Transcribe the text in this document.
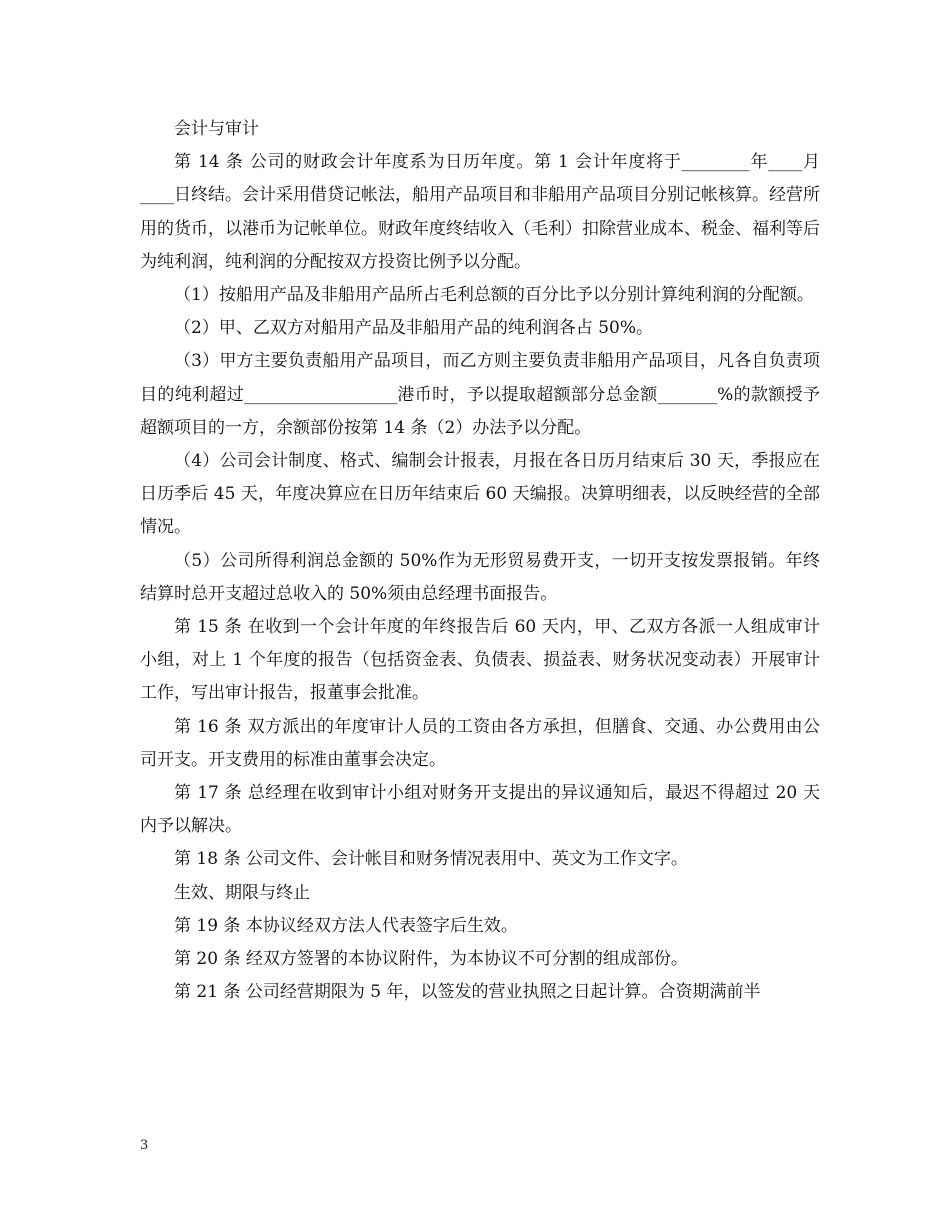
会计与审计

第 14 条 公司的财政会计年度系为日历年度。第 1 会计年度将于________年____月____日终结。会计采用借贷记帐法，船用产品项目和非船用产品项目分别记帐核算。经营所用的货币，以港币为记帐单位。财政年度终结收入（毛利）扣除营业成本、税金、福利等后为纯利润，纯利润的分配按双方投资比例予以分配。

（1）按船用产品及非船用产品所占毛利总额的百分比予以分别计算纯利润的分配额。

（2）甲、乙双方对船用产品及非船用产品的纯利润各占 50%。

（3）甲方主要负责船用产品项目，而乙方则主要负责非船用产品项目，凡各自负责项目的纯利超过__________________港币时，予以提取超额部分总金额_______%的款额授予超额项目的一方，余额部份按第 14 条（2）办法予以分配。

（4）公司会计制度、格式、编制会计报表，月报在各日历月结束后 30 天，季报应在日历季后 45 天，年度决算应在日历年结束后 60 天编报。决算明细表，以反映经营的全部情况。

（5）公司所得利润总金额的 50%作为无形贸易费开支，一切开支按发票报销。年终结算时总开支超过总收入的 50%须由总经理书面报告。

第 15 条 在收到一个会计年度的年终报告后 60 天内，甲、乙双方各派一人组成审计小组，对上 1 个年度的报告（包括资金表、负债表、损益表、财务状况变动表）开展审计工作，写出审计报告，报董事会批准。

第 16 条 双方派出的年度审计人员的工资由各方承担，但膳食、交通、办公费用由公司开支。开支费用的标准由董事会决定。

第 17 条 总经理在收到审计小组对财务开支提出的异议通知后，最迟不得超过 20 天内予以解决。

第 18 条 公司文件、会计帐目和财务情况表用中、英文为工作文字。

生效、期限与终止

第 19 条 本协议经双方法人代表签字后生效。

第 20 条 经双方签署的本协议附件，为本协议不可分割的组成部份。

第 21 条 公司经营期限为 5 年，以签发的营业执照之日起计算。合资期满前半

3
